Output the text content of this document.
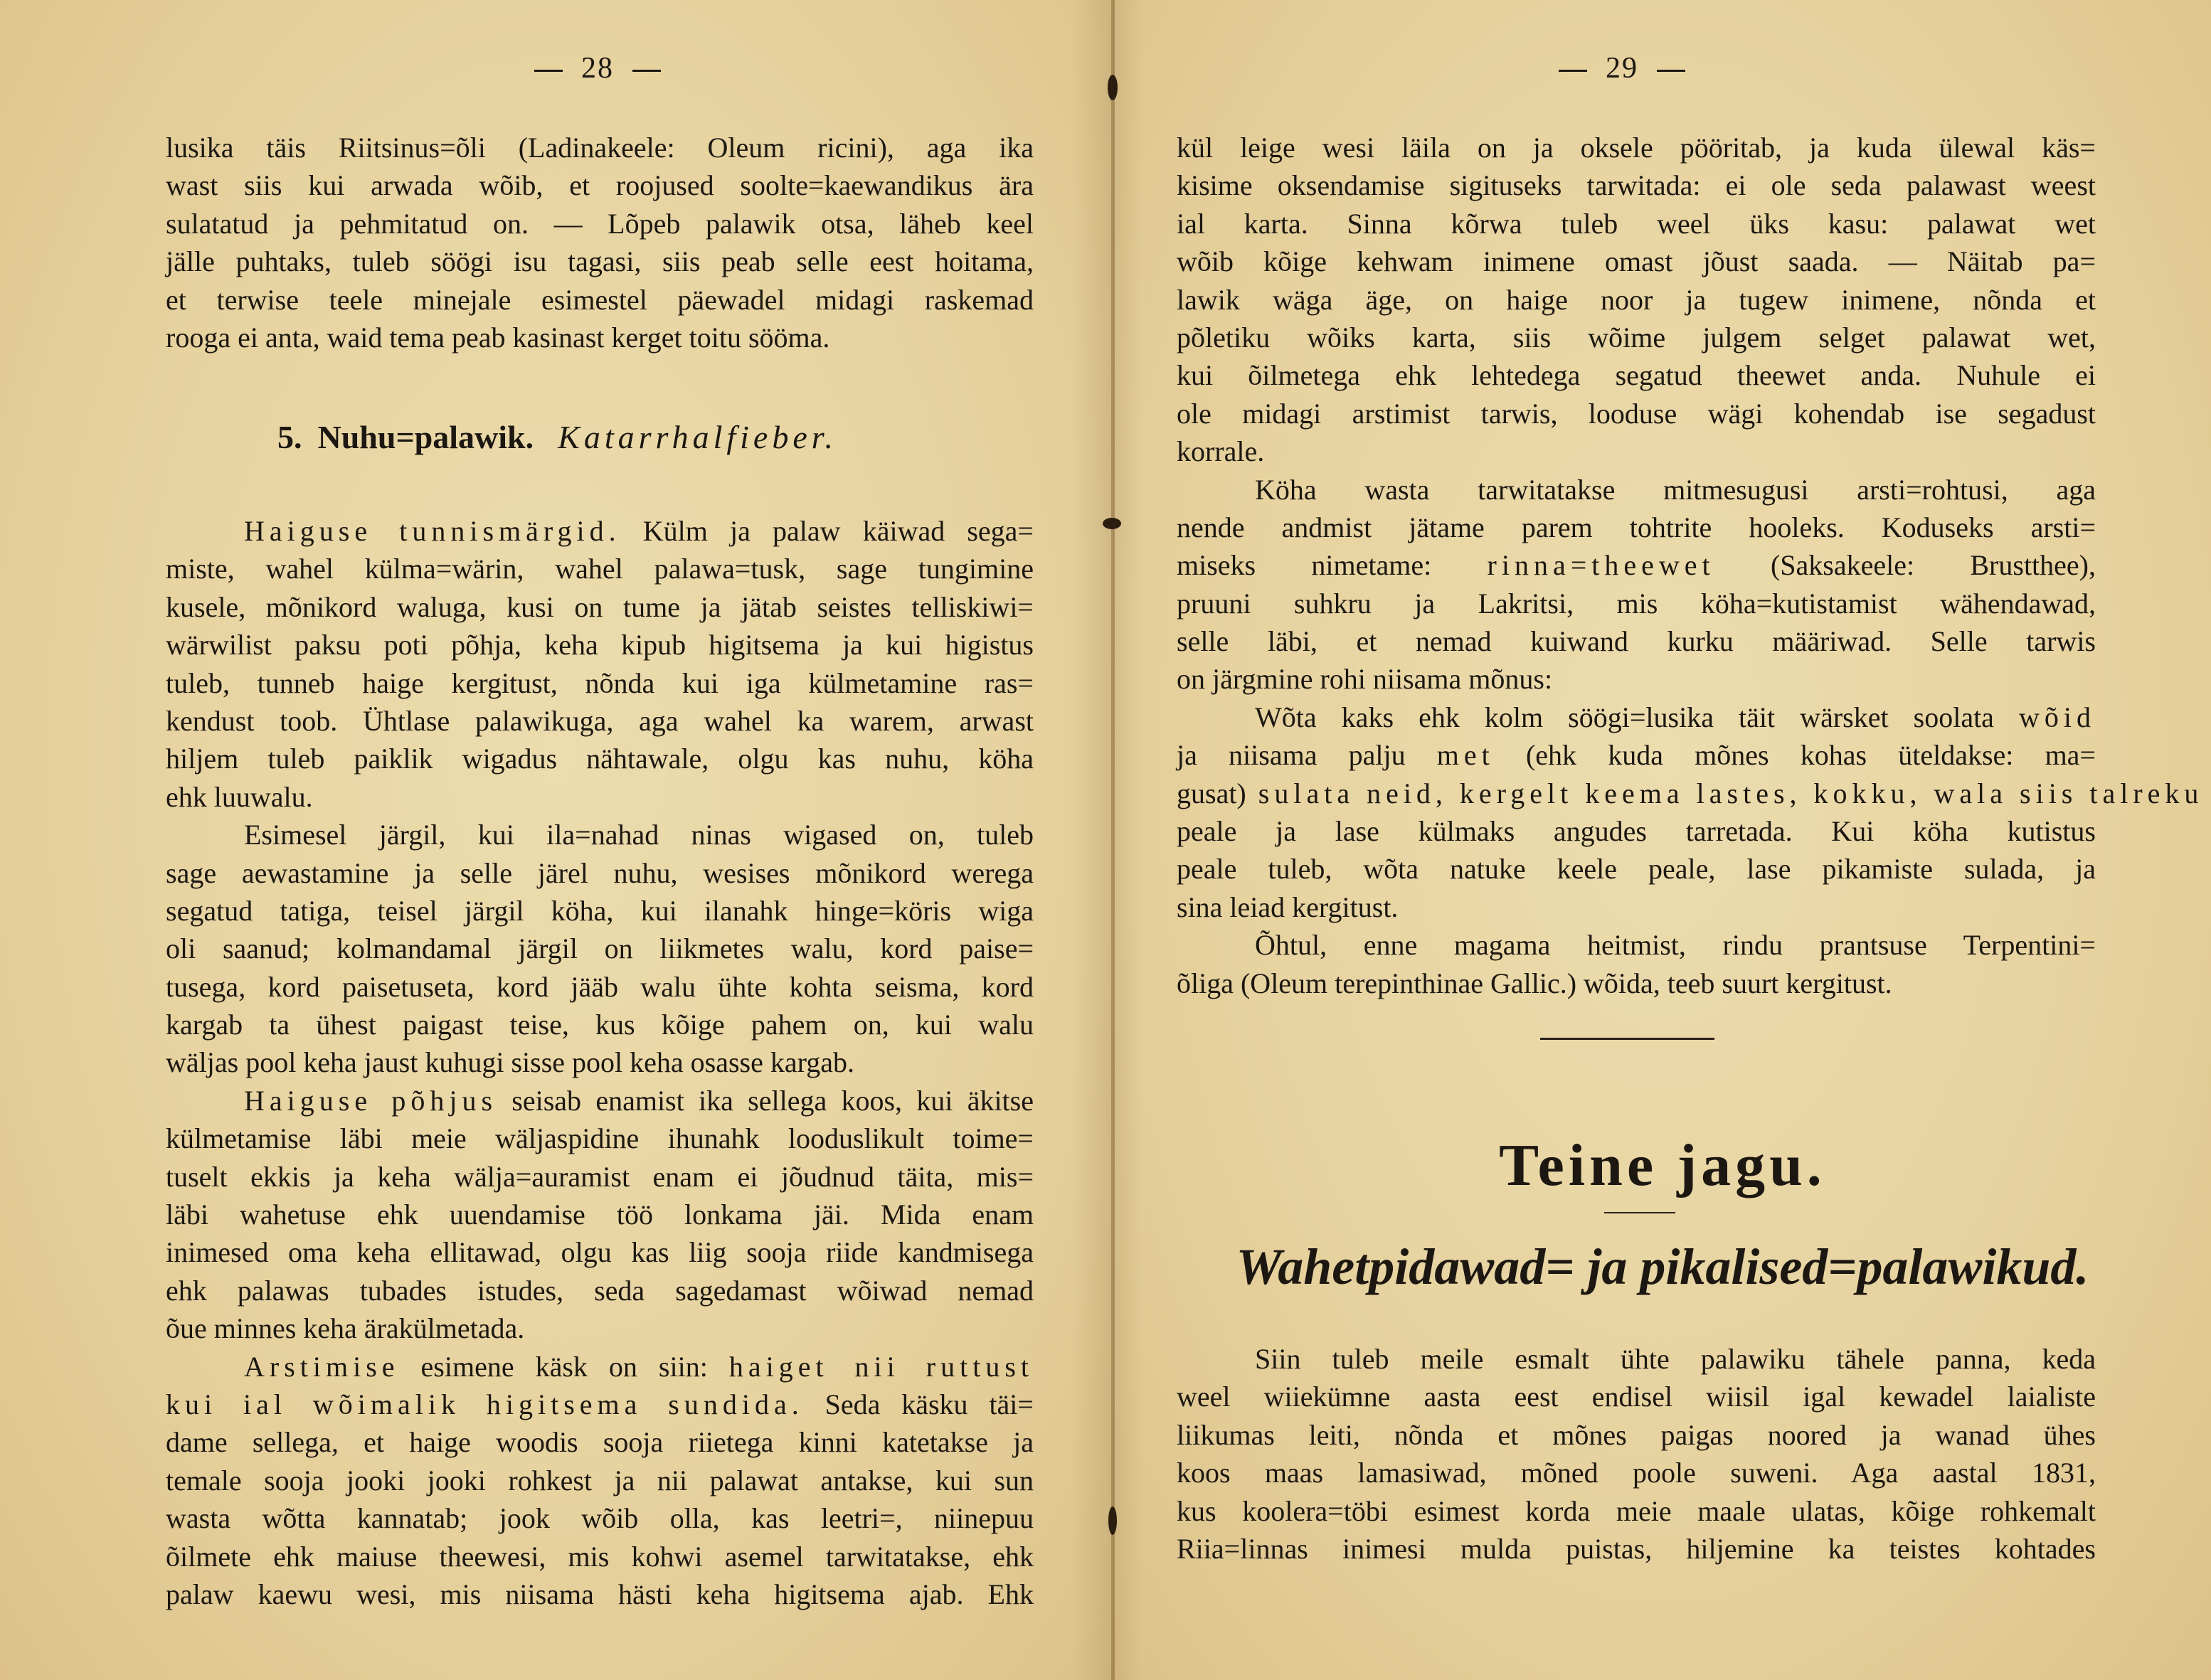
28	29
lusika täis Riitsinus=õli (Ladinakeele: Oleum ricini), aga ika
wast siis kui arwada wõib, et roojused soolte=kaewandikus ära
sulatatud ja pehmitatud on. — Lõpeb palawik otsa, läheb keel
jälle puhtaks, tuleb söögi isu tagasi, siis peab selle eest hoitama,
et terwise teele minejale esimestel päewadel midagi raskemad
rooga ei anta, waid tema peab kasinast kerget toitu sööma.
5. Nuhu=palawik. Katarrhalfieber.
Haiguse tunnismärgid. Külm ja palaw käiwad sega=
miste, wahel külma=wärin, wahel palawa=tusk, sage tungimine
kusele, mõnikord waluga, kusi on tume ja jätab seistes telliskiwi=
wärwilist paksu poti põhja, keha kipub higitsema ja kui higistus
tuleb, tunneb haige kergitust, nõnda kui iga külmetamine ras=
kendust toob. Ühtlase palawikuga, aga wahel ka warem, arwast
hiljem tuleb paiklik wigadus nähtawale, olgu kas nuhu, köha
ehk luuwalu.
Esimesel järgil, kui ila=nahad ninas wigased on, tuleb
sage aewastamine ja selle järel nuhu, wesises mõnikord werega
segatud tatiga, teisel järgil köha, kui ilanahk hinge=köris wiga
oli saanud; kolmandamal järgil on liikmetes walu, kord paise=
tusega, kord paisetuseta, kord jääb walu ühte kohta seisma, kord
kargab ta ühest paigast teise, kus kõige pahem on, kui walu
wäljas pool keha jaust kuhugi sisse pool keha osasse kargab.
Haiguse põhjus seisab enamist ika sellega koos, kui äkitse
külmetamise läbi meie wäljaspidine ihunahk looduslikult toime=
tuselt ekkis ja keha wälja=auramist enam ei jõudnud täita, mis=
läbi wahetuse ehk uuendamise töö lonkama jäi. Mida enam
inimesed oma keha ellitawad, olgu kas liig sooja riide kandmisega
ehk palawas tubades istudes, seda sagedamast wõiwad nemad
õue minnes keha ärakülmetada.
Arstimise esimene käsk on siin: haiget nii ruttust
kui ial wõimalik higitsema sundida. Seda käsku täi=
dame sellega, et haige woodis sooja riietega kinni katetakse ja
temale sooja jooki jooki rohkest ja nii palawat antakse, kui sun
wasta wõtta kannatab; jook wõib olla, kas leetri=, niinepuu
õilmete ehk maiuse theewesi, mis kohwi asemel tarwitatakse, ehk
palaw kaewu wesi, mis niisama hästi keha higitsema ajab. Ehk
kül leige wesi läila on ja oksele pööritab, ja kuda ülewal käs=
kisime oksendamise sigituseks tarwitada: ei ole seda palawast weest
ial karta. Sinna kõrwa tuleb weel üks kasu: palawat wet
wõib kõige kehwam inimene omast jõust saada. — Näitab pa=
lawik wäga äge, on haige noor ja tugew inimene, nõnda et
põletiku wõiks karta, siis wõime julgem selget palawat wet,
kui õilmetega ehk lehtedega segatud theewet anda. Nuhule ei
ole midagi arstimist tarwis, looduse wägi kohendab ise segadust
korrale.
Köha wasta tarwitatakse mitmesugusi arsti=rohtusi, aga
nende andmist jätame parem tohtrite hooleks. Koduseks arsti=
miseks nimetame: rinna=theewet (Saksakeele: Brustthee),
pruuni suhkru ja Lakritsi, mis köha=kutistamist wähendawad,
selle läbi, et nemad kuiwand kurku määriwad. Selle tarwis
on järgmine rohi niisama mõnus:
Wõta kaks ehk kolm söögi=lusika täit wärsket soolata wõid
ja niisama palju met (ehk kuda mõnes kohas üteldakse: ma=
gusat) sulata neid, kergelt keema lastes, kokku, wala siis talreku
peale ja lase külmaks angudes tarretada. Kui köha kutistus
peale tuleb, wõta natuke keele peale, lase pikamiste sulada, ja
sina leiad kergitust.
Õhtul, enne magama heitmist, rindu prantsuse Terpentini=
õliga (Oleum terepinthinae Gallic.) wõida, teeb suurt kergitust.
Teine jagu.
Wahetpidawad= ja pikalised=palawikud.
Siin tuleb meile esmalt ühte palawiku tähele panna, keda
weel wiiekümne aasta eest endisel wiisil igal kewadel laialiste
liikumas leiti, nõnda et mõnes paigas noored ja wanad ühes
koos maas lamasiwad, mõned poole suweni. Aga aastal 1831,
kus koolera=töbi esimest korda meie maale ulatas, kõige rohkemalt
Riia=linnas inimesi mulda puistas, hiljemine ka teistes kohtades
